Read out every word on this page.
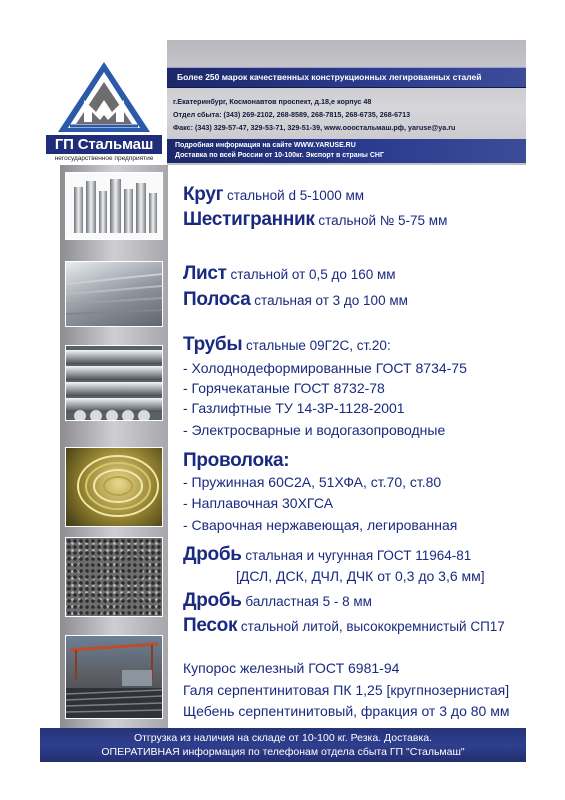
ГП Стальмаш
негосударственное предприятие
Более 250 марок качественных конструкционных легированных сталей
г.Екатеринбург, Космонавтов проспект, д.18,е корпус 48
Отдел сбыта: (343) 269-2102, 268-8589, 268-7815, 268-6735, 268-6713
Факс: (343) 329-57-47, 329-53-71, 329-51-39, www.ооостальмаш.рф, yaruse@ya.ru
Подробная информация на сайте WWW.YARUSE.RU
Доставка по всей России от 10-100кг. Экспорт в страны СНГ
Круг стальной d 5-1000 мм
Шестигранник стальной № 5-75 мм
Лист стальной от 0,5 до 160 мм
Полоса стальная от 3 до 100 мм
Трубы стальные 09Г2С, ст.20:
- Холоднодеформированные ГОСТ 8734-75
- Горячекатаные ГОСТ 8732-78
- Газлифтные ТУ 14-3Р-1128-2001
- Электросварные и водогазопроводные
Проволока:
- Пружинная 60С2А, 51ХФА, ст.70, ст.80
- Наплавочная 30ХГСА
- Сварочная нержавеющая, легированная
Дробь стальная и чугунная ГОСТ 11964-81
[ДСЛ, ДСК, ДЧЛ, ДЧК от 0,3 до 3,6 мм]
Дробь балластная 5 - 8 мм
Песок стальной литой, высококремнистый СП17
Купорос железный ГОСТ 6981-94
Галя серпентинитовая ПК 1,25 [кругпнозернистая]
Щебень серпентинитовый, фракция от 3 до 80 мм
Отгрузка из наличия на складе от 10-100 кг. Резка. Доставка.
ОПЕРАТИВНАЯ информация по телефонам отдела сбыта ГП "Стальмаш"
